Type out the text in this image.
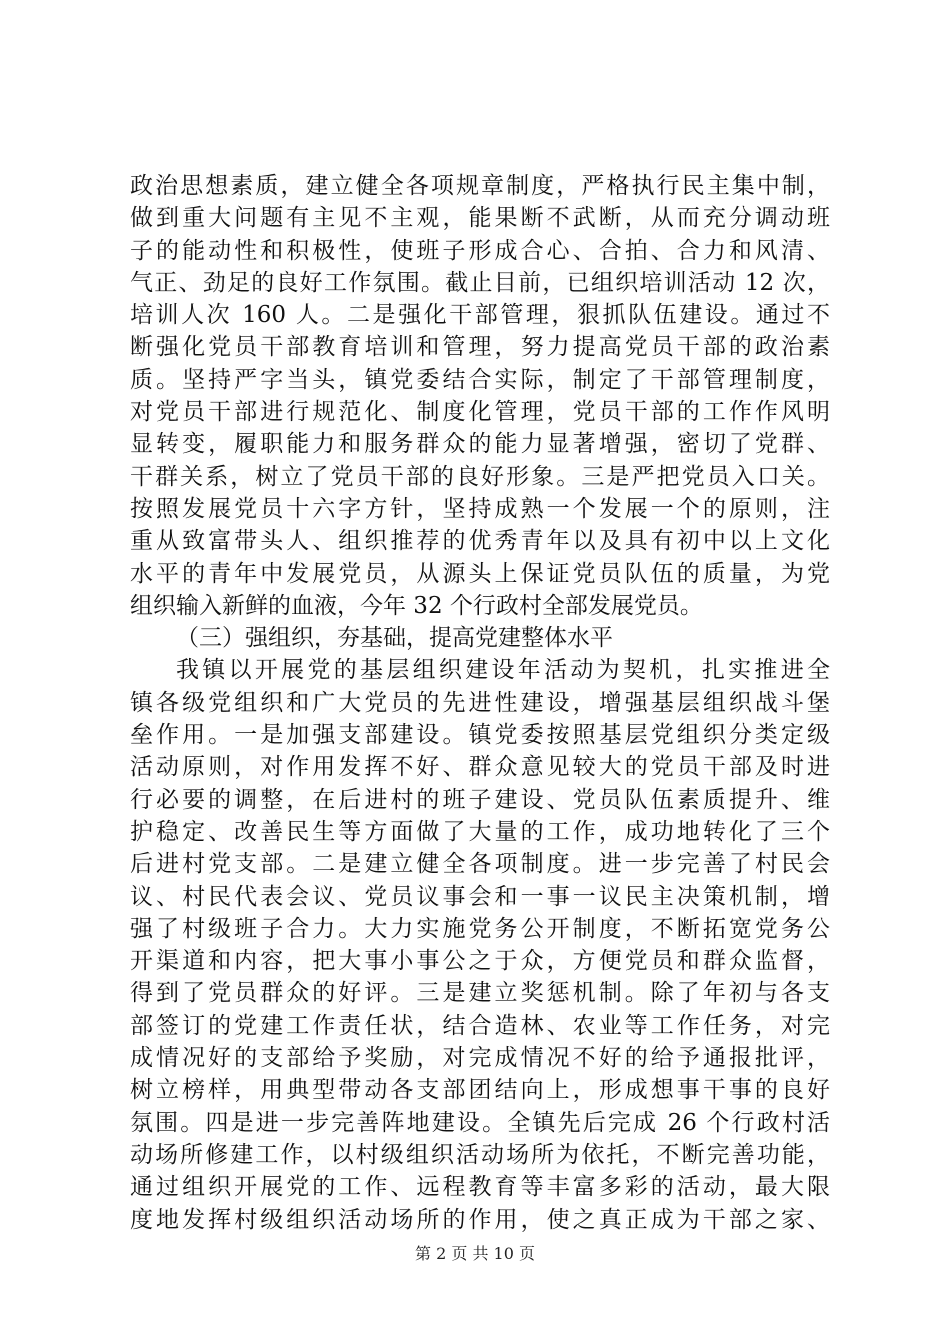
政治思想素质，建立健全各项规章制度，严格执行民主集中制，
做到重大问题有主见不主观，能果断不武断，从而充分调动班
子的能动性和积极性，使班子形成合心、合拍、合力和风清、
气正、劲足的良好工作氛围。截止目前，已组织培训活动 12 次，
培训人次 160 人。二是强化干部管理，狠抓队伍建设。通过不
断强化党员干部教育培训和管理，努力提高党员干部的政治素
质。坚持严字当头，镇党委结合实际，制定了干部管理制度，
对党员干部进行规范化、制度化管理，党员干部的工作作风明
显转变，履职能力和服务群众的能力显著增强，密切了党群、
干群关系，树立了党员干部的良好形象。三是严把党员入口关。
按照发展党员十六字方针，坚持成熟一个发展一个的原则，注
重从致富带头人、组织推荐的优秀青年以及具有初中以上文化
水平的青年中发展党员，从源头上保证党员队伍的质量，为党
组织输入新鲜的血液，今年 32 个行政村全部发展党员。
（三）强组织，夯基础，提高党建整体水平
我镇以开展党的基层组织建设年活动为契机，扎实推进全
镇各级党组织和广大党员的先进性建设，增强基层组织战斗堡
垒作用。一是加强支部建设。镇党委按照基层党组织分类定级
活动原则，对作用发挥不好、群众意见较大的党员干部及时进
行必要的调整，在后进村的班子建设、党员队伍素质提升、维
护稳定、改善民生等方面做了大量的工作，成功地转化了三个
后进村党支部。二是建立健全各项制度。进一步完善了村民会
议、村民代表会议、党员议事会和一事一议民主决策机制，增
强了村级班子合力。大力实施党务公开制度，不断拓宽党务公
开渠道和内容，把大事小事公之于众，方便党员和群众监督，
得到了党员群众的好评。三是建立奖惩机制。除了年初与各支
部签订的党建工作责任状，结合造林、农业等工作任务，对完
成情况好的支部给予奖励，对完成情况不好的给予通报批评，
树立榜样，用典型带动各支部团结向上，形成想事干事的良好
氛围。四是进一步完善阵地建设。全镇先后完成 26 个行政村活
动场所修建工作，以村级组织活动场所为依托，不断完善功能，
通过组织开展党的工作、远程教育等丰富多彩的活动，最大限
度地发挥村级组织活动场所的作用，使之真正成为干部之家、
第 2 页 共 10 页
